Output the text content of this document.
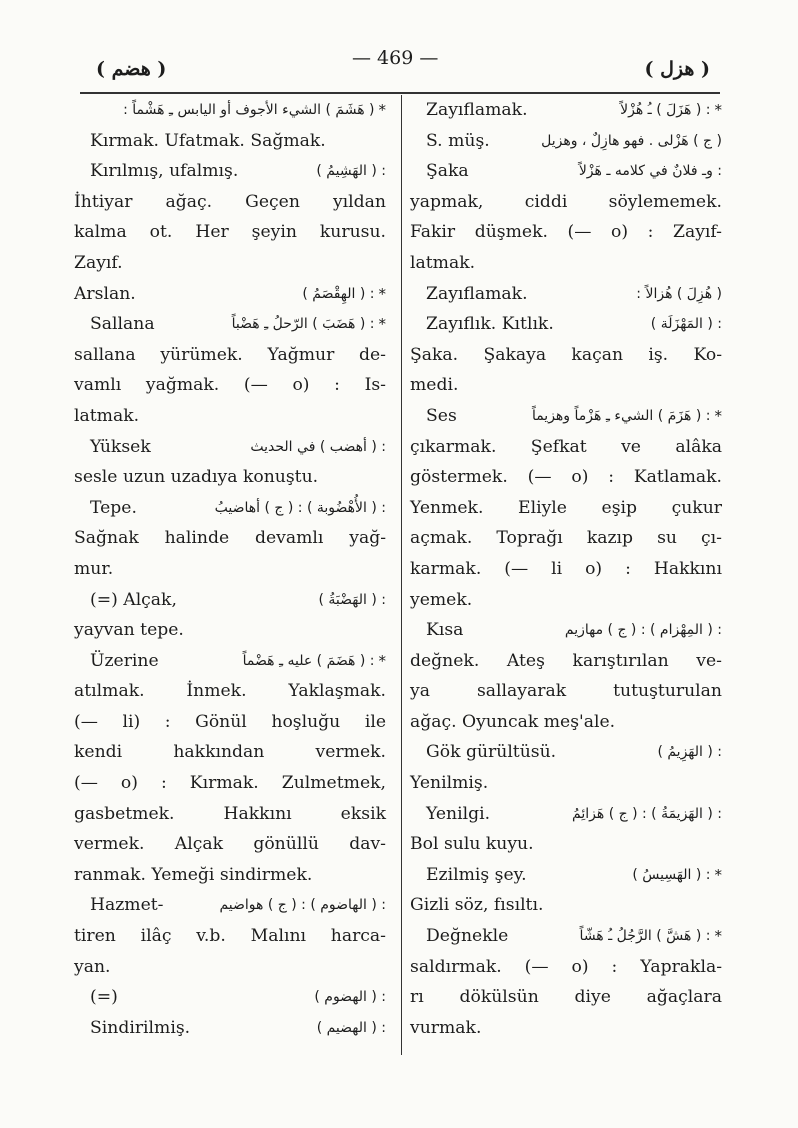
( هضم )	— 469 —	( هزل )
( هَشَمَ ) الشيء الأجوف أو اليابس ـِ هَشْماً : *
Kırmak. Ufatmak. Sağmak.
Kırılmış, ufalmış.	: ( الهَشِيمُ )
İhtiyar ağaç. Geçen yıldan
kalma ot. Her şeyin kurusu.
Zayıf.
Arslan.	: ( الهِقْصَمُ ) *
Sallana	: ( هَضَبَ ) الرّحلُ ـِ هَضْباً *
sallana yürümek. Yağmur de-
vamlı yağmak. (— o) : Is-
latmak.
Yüksek	: ( أهضب ) في الحديث
sesle uzun uzadıya konuştu.
Tepe.	: ( الأُهْضُوبة ) : ( ج ) أهاضيبُ
Sağnak halinde devamlı yağ-
mur.
(=) Alçak,	: ( الهَضْبَةُ )
yayvan tepe.
Üzerine	: ( هَضَمَ ) عليه ـِ هَضْماً *
atılmak. İnmek. Yaklaşmak.
(— li) : Gönül hoşluğu ile
kendi hakkından vermek.
(— o) : Kırmak. Zulmetmek,
gasbetmek. Hakkını eksik
vermek. Alçak gönüllü dav-
ranmak. Yemeği sindirmek.
Hazmet-	: ( الهاضوم ) : ( ج ) هواضيم
tiren ilâç v.b. Malını harca-
yan.
(=)	: ( الهضوم )
Sindirilmiş.	: ( الهضيم )
Zayıflamak.	: ( هَزَلَ ) ـُ هُزْلاً *
S. müş.	( ج ) هَزْلى . فهو هازِلٌ ، وهزيل
Şaka	: وـ فلانٌ في كلامه ـ هَزْلاً
yapmak, ciddi söylememek.
Fakir düşmek. (— o) : Zayıf-
latmak.
Zayıflamak.	( هُزِلَ ) هُزالاً :
Zayıflık. Kıtlık.	: ( المَهْزَلَة )
Şaka. Şakaya kaçan iş. Ko-
medi.
Ses	: ( هَزَمَ ) الشيء ـِ هَزْماً وهزيماً *
çıkarmak. Şefkat ve alâka
göstermek. (— o) : Katlamak.
Yenmek. Eliyle eşip çukur
açmak. Toprağı kazıp su çı-
karmak. (— li o) : Hakkını
yemek.
Kısa	: ( المِهْزام ) : ( ج ) مهازيم
değnek. Ateş karıştırılan ve-
ya sallayarak tutuşturulan
ağaç. Oyuncak meş'ale.
Gök gürültüsü.	: ( الهَزِيمُ )
Yenilmiş.
Yenilgi.	: ( الهَزيمَةُ ) : ( ج ) هَزائِمُ
Bol sulu kuyu.
Ezilmiş şey.	: ( الهَسِيسُ ) *
Gizli söz, fısıltı.
Değnekle	: ( هَشَّ ) الرَّجُلُ ـُ هَشّاً *
saldırmak. (— o) : Yaprakla-
rı dökülsün diye ağaçlara
vurmak.
